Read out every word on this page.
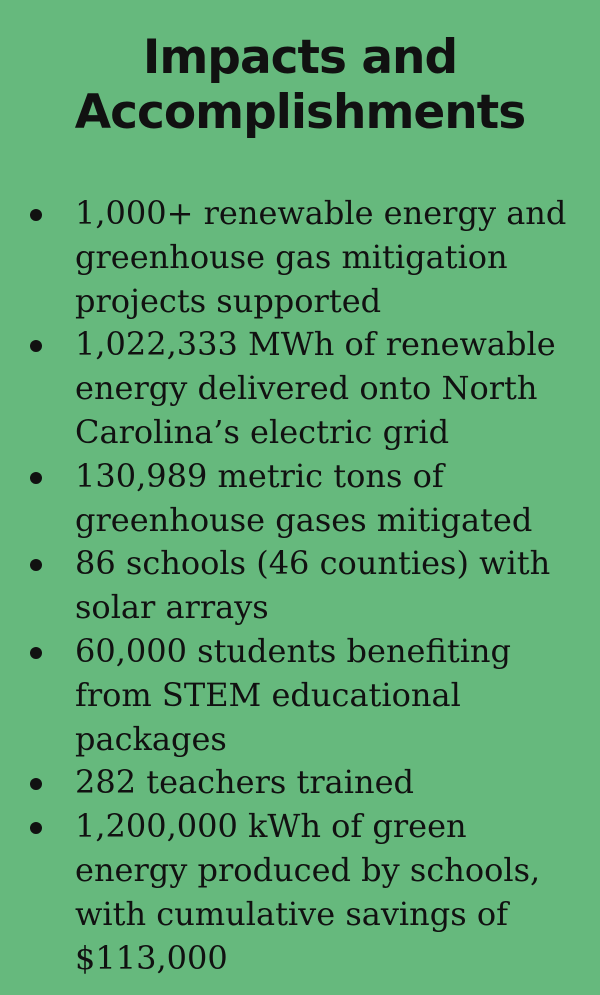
Impacts and
Accomplishments
1,000+ renewable energy and
greenhouse gas mitigation
projects supported
1,022,333 MWh of renewable
energy delivered onto North
Carolina’s electric grid
130,989 metric tons of
greenhouse gases mitigated
86 schools (46 counties) with
solar arrays
60,000 students benefiting
from STEM educational
packages
282 teachers trained
1,200,000 kWh of green
energy produced by schools,
with cumulative savings of
$113,000
